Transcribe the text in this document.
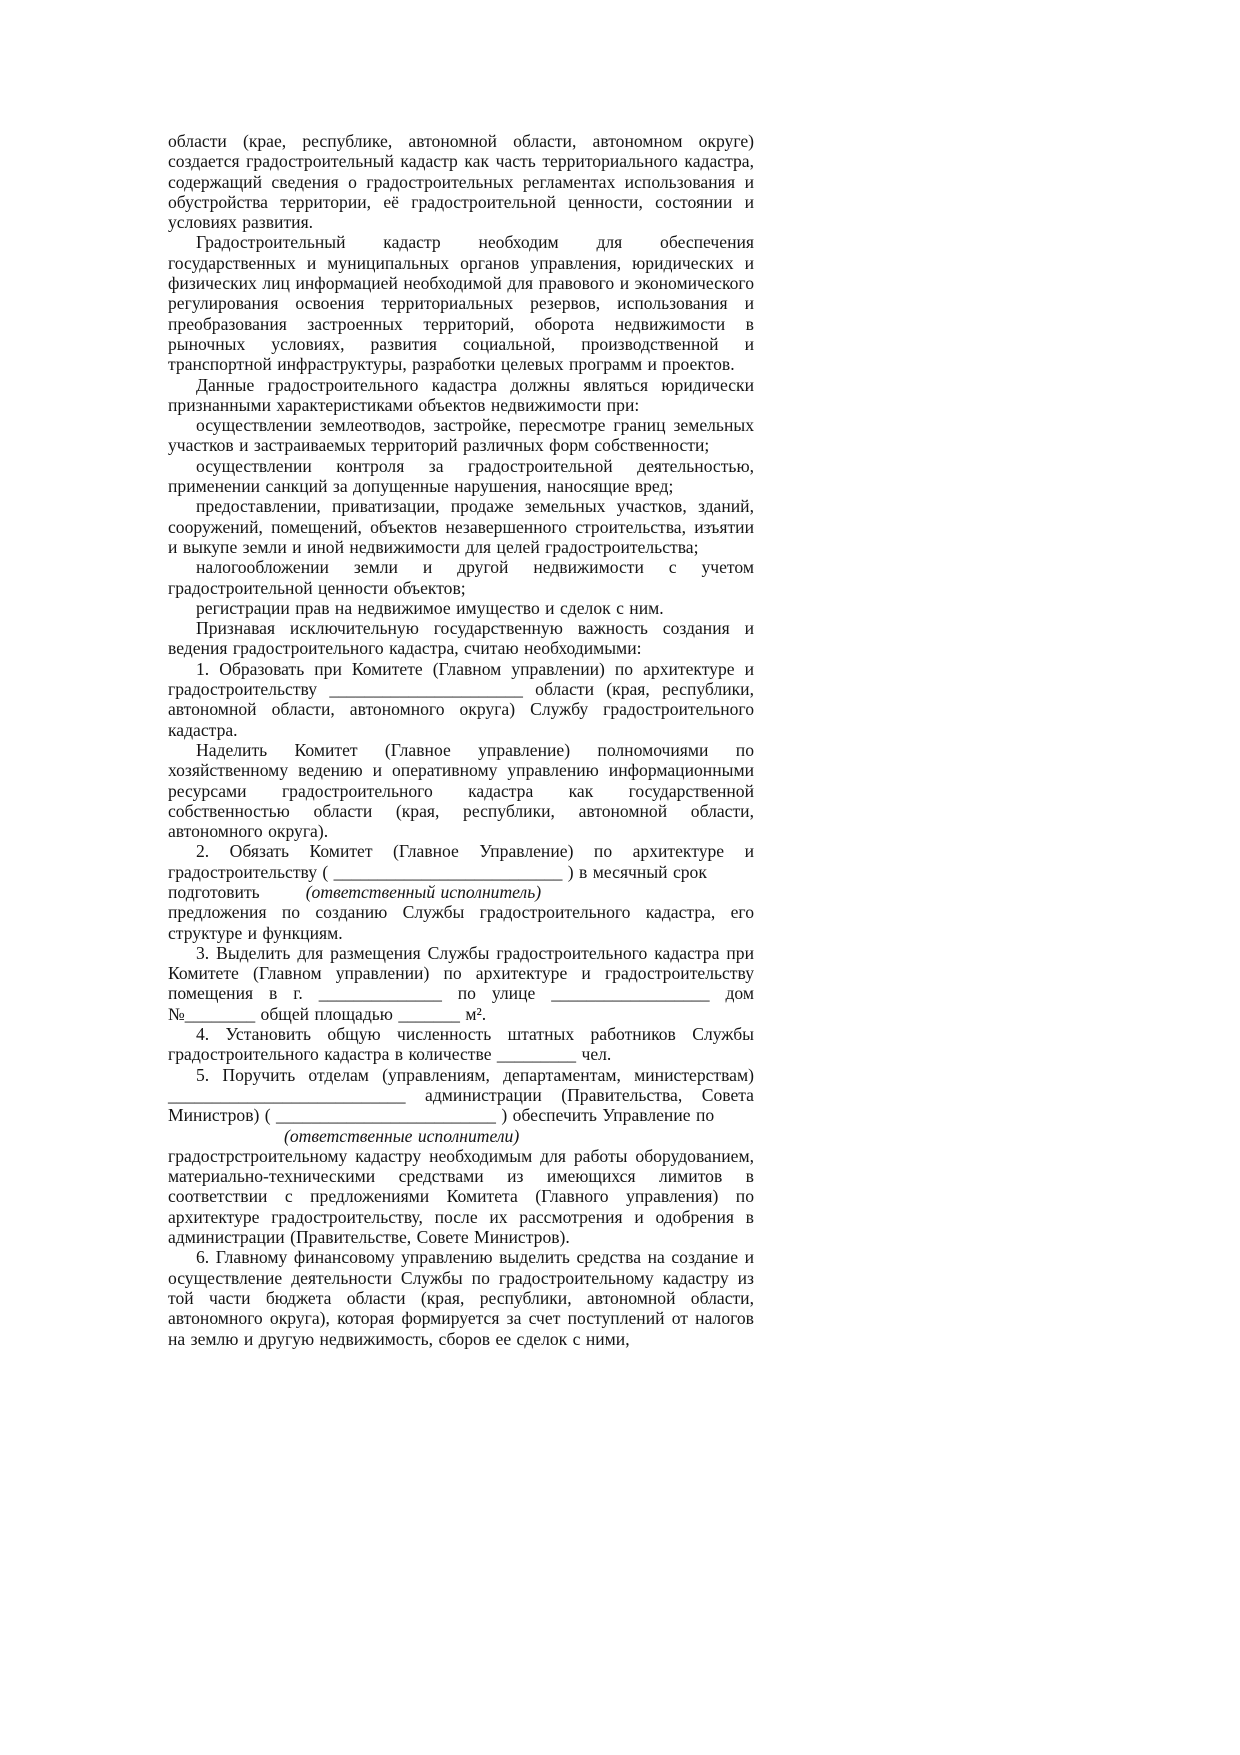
области (крае, республике, автономной области, автономном округе) создается градостроительный кадастр как часть территориального кадастра, содержащий сведения о градостроительных регламентах использования и обустройства территории, её градостроительной ценности, состоянии и условиях развития.

Градостроительный кадастр необходим для обеспечения государственных и муниципальных органов управления, юридических и физических лиц информацией необходимой для правового и экономического регулирования освоения территориальных резервов, использования и преобразования застроенных территорий, оборота недвижимости в рыночных условиях, развития социальной, производственной и транспортной инфраструктуры, разработки целевых программ и проектов.

Данные градостроительного кадастра должны являться юридически признанными характеристиками объектов недвижимости при:

осуществлении землеотводов, застройке, пересмотре границ земельных участков и застраиваемых территорий различных форм собственности;

осуществлении контроля за градостроительной деятельностью, применении санкций за допущенные нарушения, наносящие вред;

предоставлении, приватизации, продаже земельных участков, зданий, сооружений, помещений, объектов незавершенного строительства, изъятии и выкупе земли и иной недвижимости для целей градостроительства;

налогообложении земли и другой недвижимости с учетом градостроительной ценности объектов;

регистрации прав на недвижимое имущество и сделок с ним.

Признавая исключительную государственную важность создания и ведения градостроительного кадастра, считаю необходимыми:

1. Образовать при Комитете (Главном управлении) по архитектуре и градостроительству ______________________ области (края, республики, автономной области, автономного округа) Службу градостроительного кадастра.

Наделить Комитет (Главное управление) полномочиями по хозяйственному ведению и оперативному управлению информационными ресурсами градостроительного кадастра как государственной собственностью области (края, республики, автономной области, автономного округа).

2. Обязать Комитет (Главное Управление) по архитектуре и градостроительству ( __________________________ ) в месячный срок

подготовить	(ответственный исполнитель)

предложения по созданию Службы градостроительного кадастра, его структуре и функциям.

3. Выделить для размещения Службы градостроительного кадастра при Комитете (Главном управлении) по архитектуре и градостроительству помещения в г. ______________ по улице __________________ дом №________ общей площадью _______ м².

4. Установить общую численность штатных работников Службы градостроительного кадастра в количестве _________ чел.

5. Поручить отделам (управлениям, департаментам, министерствам) ___________________________ администрации (Правительства, Совета Министров) ( _________________________ ) обеспечить Управление по

(ответственные исполнители)

градострстроительному кадастру необходимым для работы оборудованием, материально-техническими средствами из имеющихся лимитов в соответствии с предложениями Комитета (Главного управления) по архитектуре градостроительству, после их рассмотрения и одобрения в администрации (Правительстве, Совете Министров).

6. Главному финансовому управлению выделить средства на создание и осуществление деятельности Службы по градостроительному кадастру из той части бюджета области (края, республики, автономной области, автономного округа), которая формируется за счет поступлений от налогов на землю и другую недвижимость, сборов ее сделок с ними,
